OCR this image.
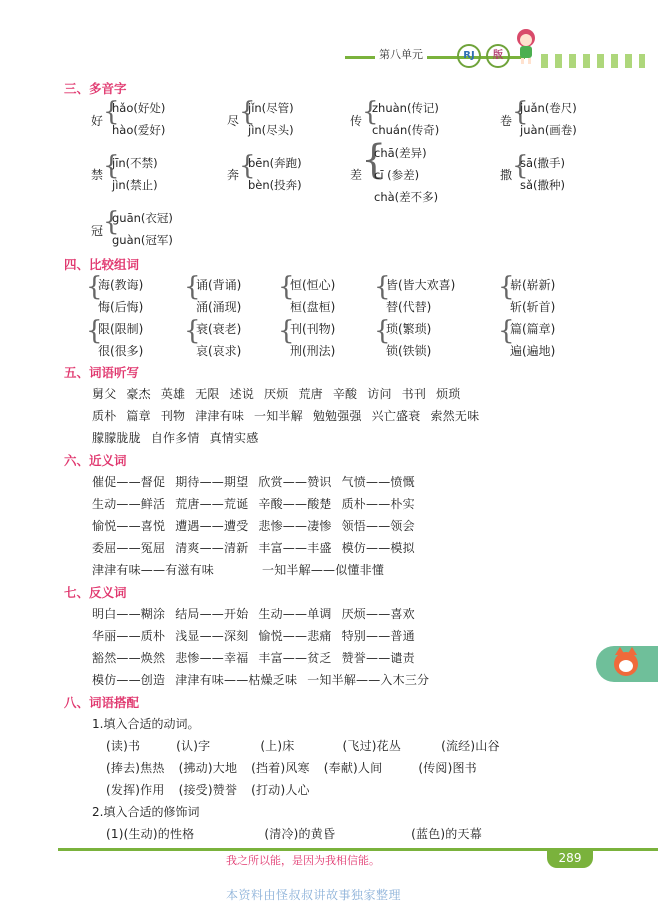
第八单元	RJ	版
三、多音字
好 {
hǎo(好处)
hào(爱好)
尽 {
jǐn(尽管)
jìn(尽头)
传 {
zhuàn(传记)
chuán(传奇)
卷 {
juǎn(卷尺)
juàn(画卷)
禁 {
jīn(不禁)
jìn(禁止)
奔 {
bēn(奔跑)
bèn(投奔)
差
{
chā(差异)
cī (参差)
chà(差不多)
撒 {
sā(撒手)
sǎ(撒种)
冠 {
guān(衣冠)
guàn(冠军)
四、比较组词
{
海(教诲)
悔(后悔)
{
诵(背诵)
涌(涌现)
{
恒(恒心)
桓(盘桓)
{
皆(皆大欢喜)
替(代替)
{
崭(崭新)
斩(斩首)
{
限(限制)
很(很多)
{
衰(衰老)
哀(哀求)
{
刊(刊物)
刑(刑法)
{
琐(繁琐)
锁(铁锁)
{
篇(篇章)
遍(遍地)
五、词语听写
舅父 豪杰 英雄 无限 述说 厌烦 荒唐 辛酸 访问 书刊 烦琐
质朴 篇章 刊物 津津有味 一知半解 勉勉强强 兴亡盛衰 索然无味
朦朦胧胧 自作多情 真情实感
六、近义词
催促——督促 期待——期望 欣赏——赞识 气愤——愤慨
生动——鲜活 荒唐——荒诞 辛酸——酸楚 质朴——朴实
愉悦——喜悦 遭遇——遭受 悲惨——凄惨 领悟——领会
委屈——冤屈 清爽——清新 丰富——丰盛 模仿——模拟
津津有味——有滋有味	一知半解——似懂非懂
七、反义词
明白——糊涂 结局——开始 生动——单调 厌烦——喜欢
华丽——质朴 浅显——深刻 愉悦——悲痛 特别——普通
豁然——焕然 悲惨——幸福 丰富——贫乏 赞誉——谴责
模仿——创造 津津有味——枯燥乏味 一知半解——入木三分
八、词语搭配
1.填入合适的动词。
(读)书	(认)字	(上)床	(飞过)花丛	(流经)山谷
(捧去)焦热 (拂动)大地 (挡着)风寒 (奉献)人间	(传阅)图书
(发挥)作用 (接受)赞誉 (打动)人心
2.填入合适的修饰词
(1)(生动)的性格	(清冷)的黄昏	(蓝色)的天幕
我之所以能，是因为我相信能。	289
本资料由怪叔叔讲故事独家整理
